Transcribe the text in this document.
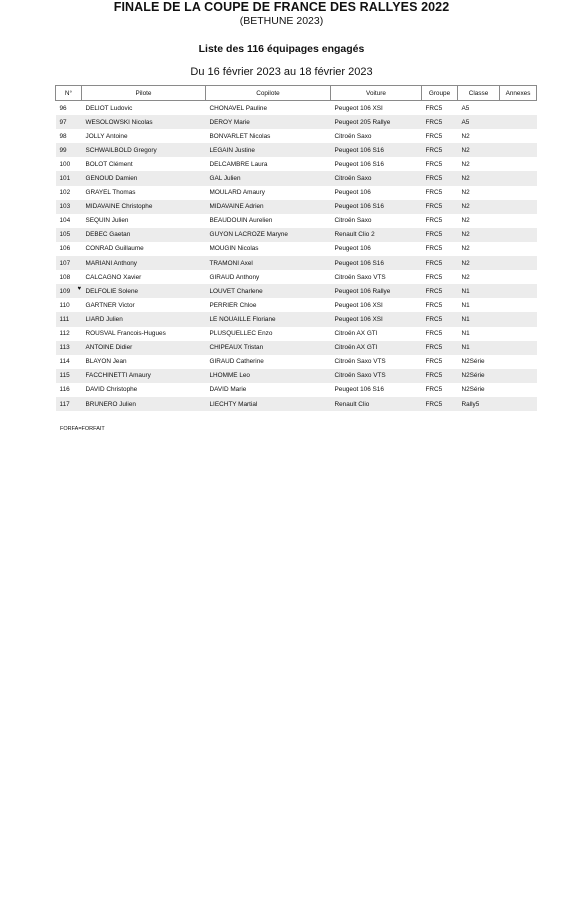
FINALE DE LA COUPE DE FRANCE DES RALLYES 2022
(BETHUNE 2023)
Liste des 116 équipages engagés
Du 16 février 2023 au 18 février 2023
N°	Pilote	Copilote	Voiture	Groupe	Classe	Annexes
96	DELIOT Ludovic	CHONAVEL Pauline	Peugeot 106 XSI	FRC5	A5	
97	WESOLOWSKI Nicolas	DEROY Marie	Peugeot 205 Rallye	FRC5	A5	
98	JOLLY Antoine	BONVARLET Nicolas	Citroën Saxo	FRC5	N2	
99	SCHWAILBOLD Gregory	LEGAIN Justine	Peugeot 106 S16	FRC5	N2	
100	BOLOT Clément	DELCAMBRE Laura	Peugeot 106 S16	FRC5	N2	
101	GENOUD Damien	GAL Julien	Citroën Saxo	FRC5	N2	
102	GRAYEL Thomas	MOULARD Amaury	Peugeot 106	FRC5	N2	
103	MIDAVAINE Christophe	MIDAVAINE Adrien	Peugeot 106 S16	FRC5	N2	
104	SEQUIN Julien	BEAUDOUIN Aurelien	Citroën Saxo	FRC5	N2	
105	DEBEC Gaetan	GUYON LACROZE Maryne	Renault Clio 2	FRC5	N2	
106	CONRAD Guillaume	MOUGIN Nicolas	Peugeot 106	FRC5	N2	
107	MARIANI Anthony	TRAMONI Axel	Peugeot 106 S16	FRC5	N2	
108	CALCAGNO Xavier	GIRAUD Anthony	Citroën Saxo VTS	FRC5	N2	
109 ♥	DELFOLIE Solene	LOUVET Charlene	Peugeot 106 Rallye	FRC5	N1	
110	GARTNER Victor	PERRIER Chloe	Peugeot 106 XSI	FRC5	N1	
111	LIARD Julien	LE NOUAILLE Floriane	Peugeot 106 XSI	FRC5	N1	
112	ROUSVAL Francois-Hugues	PLUSQUELLEC Enzo	Citroën AX GTI	FRC5	N1	
113	ANTOINE Didier	CHIPEAUX Tristan	Citroën AX GTI	FRC5	N1	
114	BLAYON Jean	GIRAUD Catherine	Citroën Saxo VTS	FRC5	N2Série	
115	FACCHINETTI Amaury	LHOMME Leo	Citroën Saxo VTS	FRC5	N2Série	
116	DAVID Christophe	DAVID Marie	Peugeot 106 S16	FRC5	N2Série	
117	BRUNERO Julien	LIECHTY Martial	Renault Clio	FRC5	Rally5	
FORFA=FORFAIT
